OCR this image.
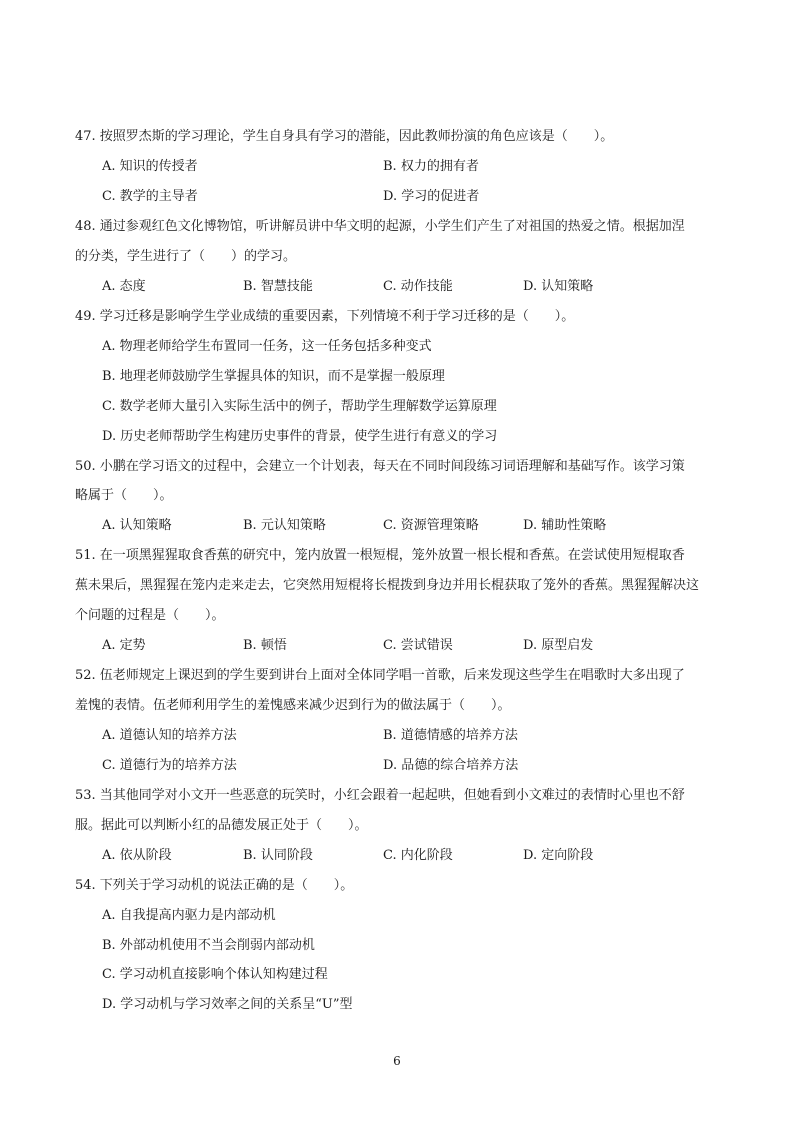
47. 按照罗杰斯的学习理论，学生自身具有学习的潜能，因此教师扮演的角色应该是（　　）。
A. 知识的传授者	B. 权力的拥有者
C. 教学的主导者	D. 学习的促进者
48. 通过参观红色文化博物馆，听讲解员讲中华文明的起源，小学生们产生了对祖国的热爱之情。根据加涅
的分类，学生进行了（　　）的学习。
A. 态度	B. 智慧技能	C. 动作技能	D. 认知策略
49. 学习迁移是影响学生学业成绩的重要因素，下列情境不利于学习迁移的是（　　）。
A. 物理老师给学生布置同一任务，这一任务包括多种变式
B. 地理老师鼓励学生掌握具体的知识，而不是掌握一般原理
C. 数学老师大量引入实际生活中的例子，帮助学生理解数学运算原理
D. 历史老师帮助学生构建历史事件的背景，使学生进行有意义的学习
50. 小鹏在学习语文的过程中，会建立一个计划表，每天在不同时间段练习词语理解和基础写作。该学习策
略属于（　　）。
A. 认知策略	B. 元认知策略	C. 资源管理策略	D. 辅助性策略
51. 在一项黑猩猩取食香蕉的研究中，笼内放置一根短棍，笼外放置一根长棍和香蕉。在尝试使用短棍取香
蕉未果后，黑猩猩在笼内走来走去，它突然用短棍将长棍拨到身边并用长棍获取了笼外的香蕉。黑猩猩解决这
个问题的过程是（　　）。
A. 定势	B. 顿悟	C. 尝试错误	D. 原型启发
52. 伍老师规定上课迟到的学生要到讲台上面对全体同学唱一首歌，后来发现这些学生在唱歌时大多出现了
羞愧的表情。伍老师利用学生的羞愧感来减少迟到行为的做法属于（　　）。
A. 道德认知的培养方法	B. 道德情感的培养方法
C. 道德行为的培养方法	D. 品德的综合培养方法
53. 当其他同学对小文开一些恶意的玩笑时，小红会跟着一起起哄，但她看到小文难过的表情时心里也不舒
服。据此可以判断小红的品德发展正处于（　　）。
A. 依从阶段	B. 认同阶段	C. 内化阶段	D. 定向阶段
54. 下列关于学习动机的说法正确的是（　　）。
A. 自我提高内驱力是内部动机
B. 外部动机使用不当会削弱内部动机
C. 学习动机直接影响个体认知构建过程
D. 学习动机与学习效率之间的关系呈“U”型
6
